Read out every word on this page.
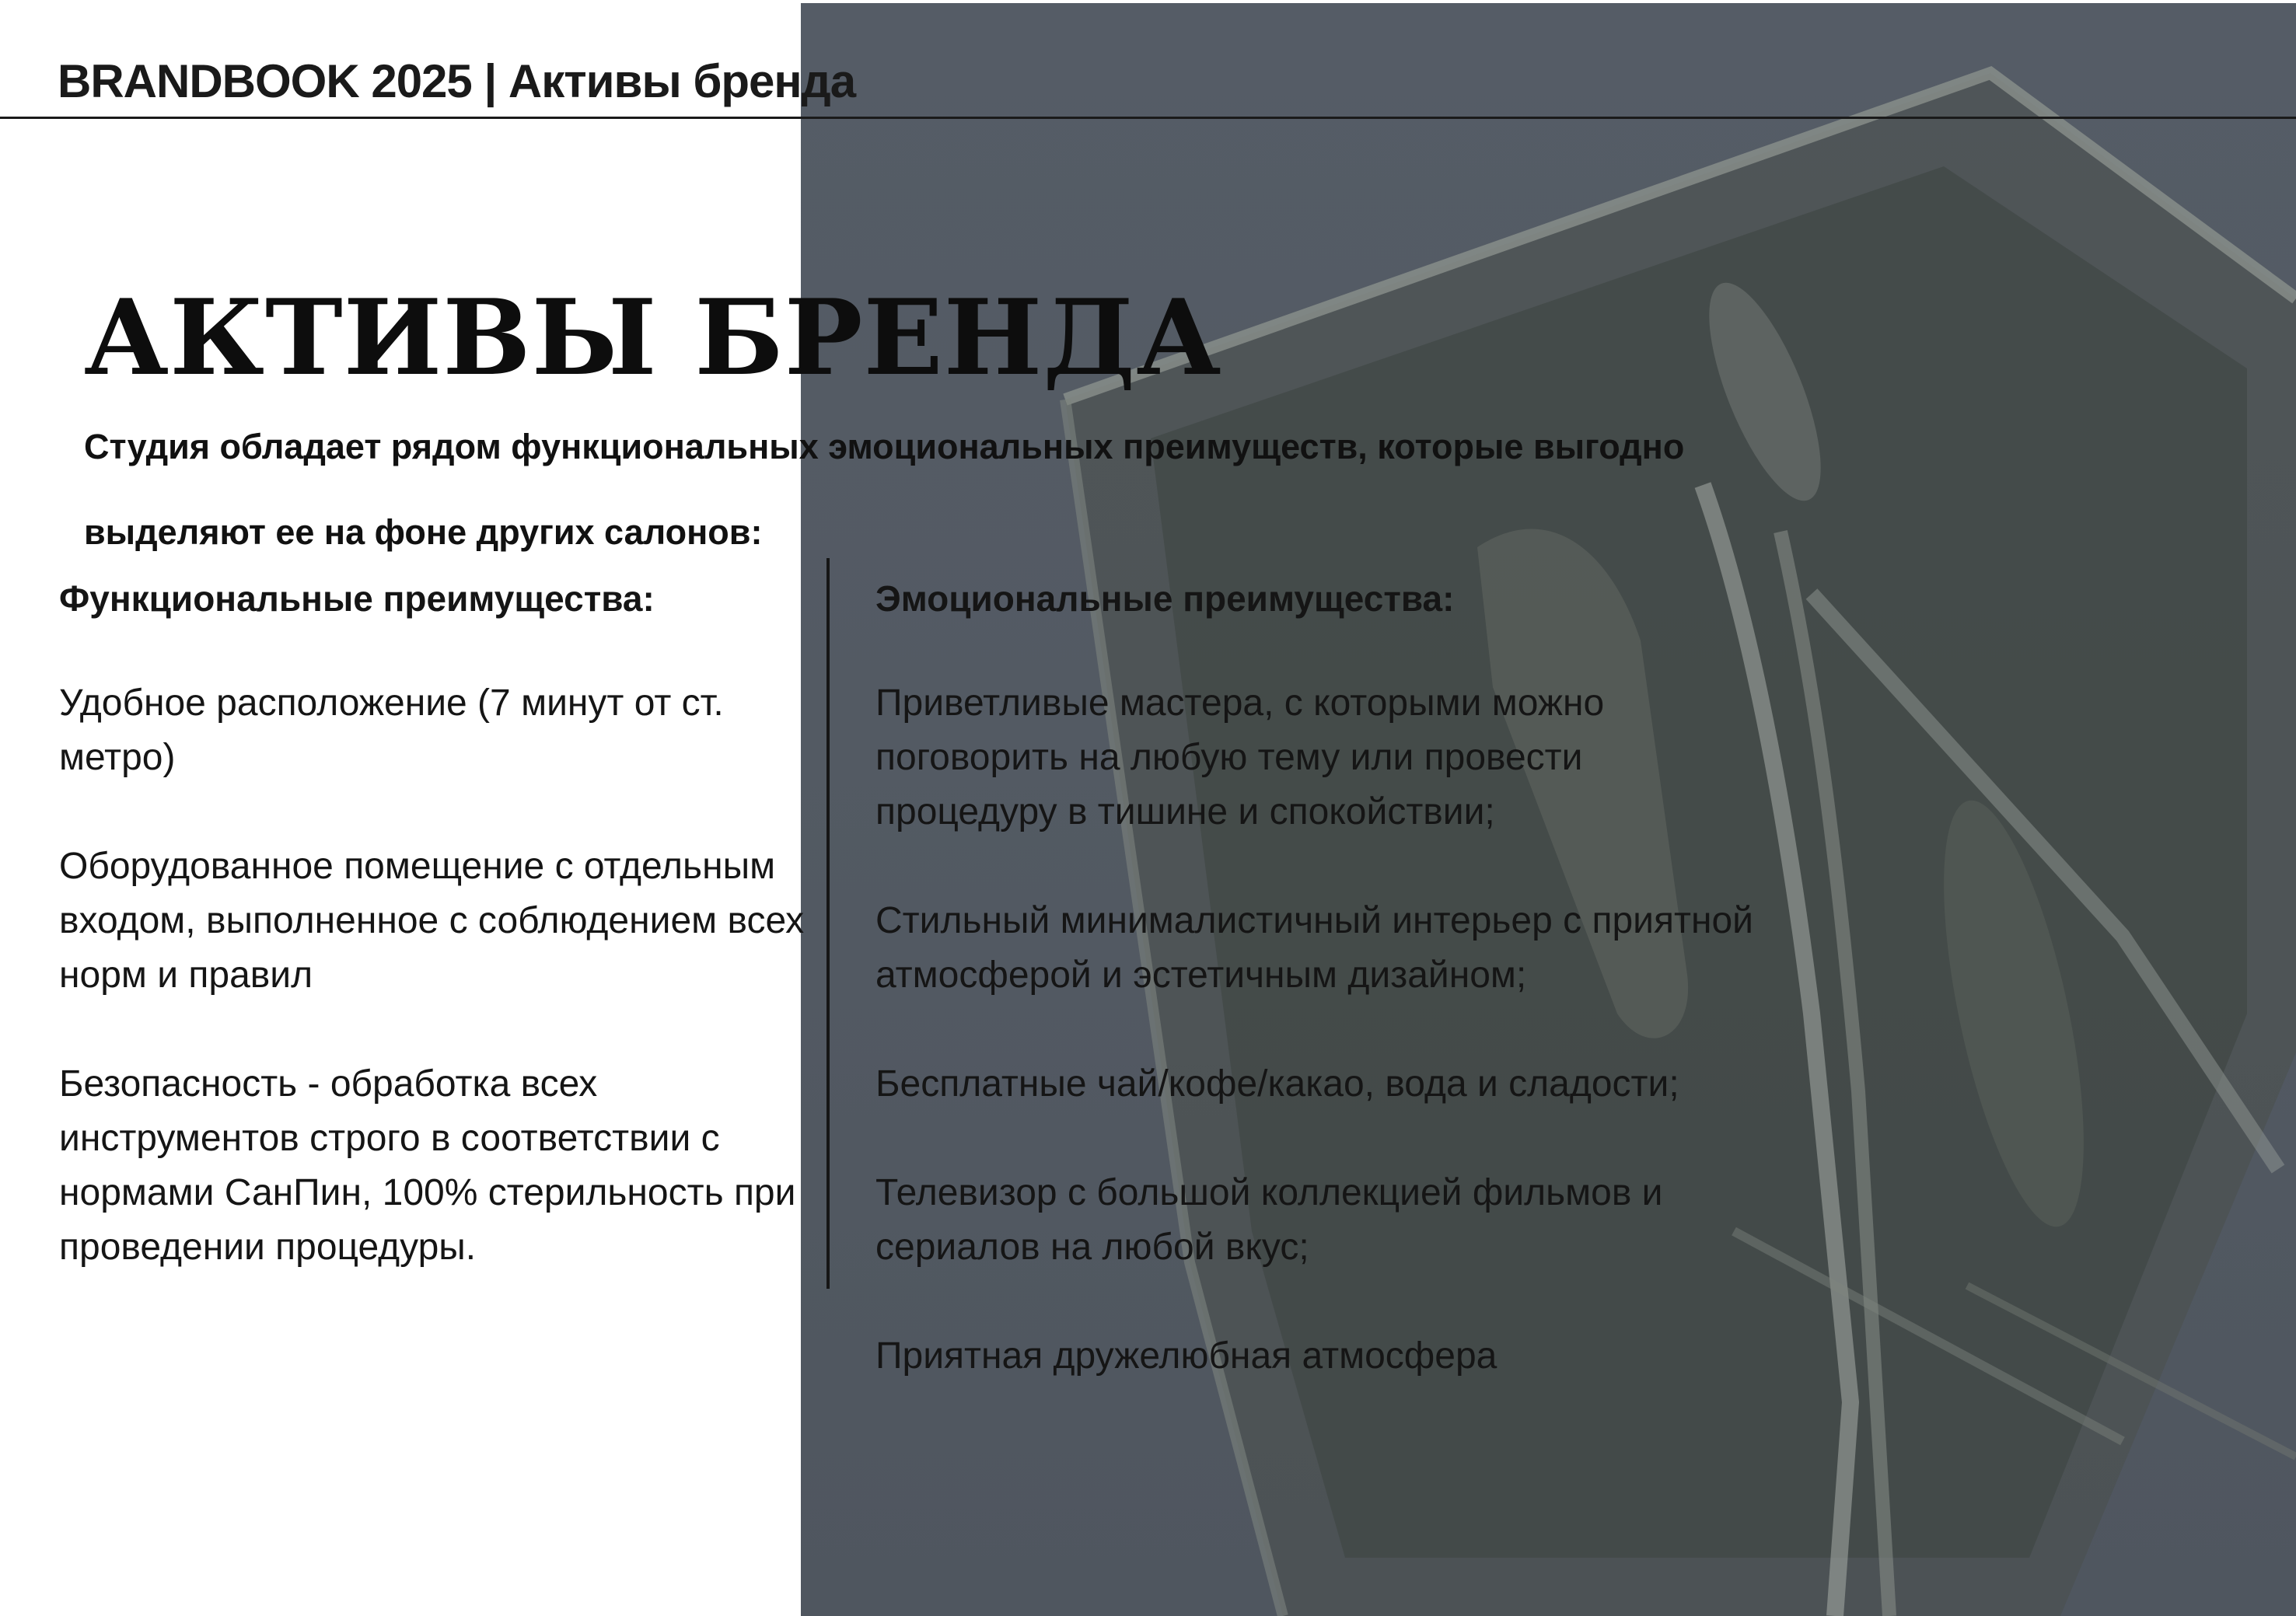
BRANDBOOK 2025 | Активы бренда
АКТИВЫ БРЕНДА

Студия обладает рядом функциональных эмоциональных преимуществ, которые выгодно выделяют ее на фоне других салонов:

Функциональные преимущества:

Удобное расположение (7 минут от ст. метро)

Оборудованное помещение с отдельным входом, выполненное с соблюдением всех норм и правил

Безопасность - обработка всех инструментов строго в соответствии с нормами СанПин, 100% стерильность при проведении процедуры.

Эмоциональные преимущества:

Приветливые мастера, с которыми можно поговорить на любую тему или провести процедуру в тишине и спокойствии;

Стильный минималистичный интерьер с приятной атмосферой и эстетичным дизайном;

Бесплатные чай/кофе/какао, вода и сладости;

Телевизор с большой коллекцией фильмов и сериалов на любой вкус;

Приятная дружелюбная атмосфера
